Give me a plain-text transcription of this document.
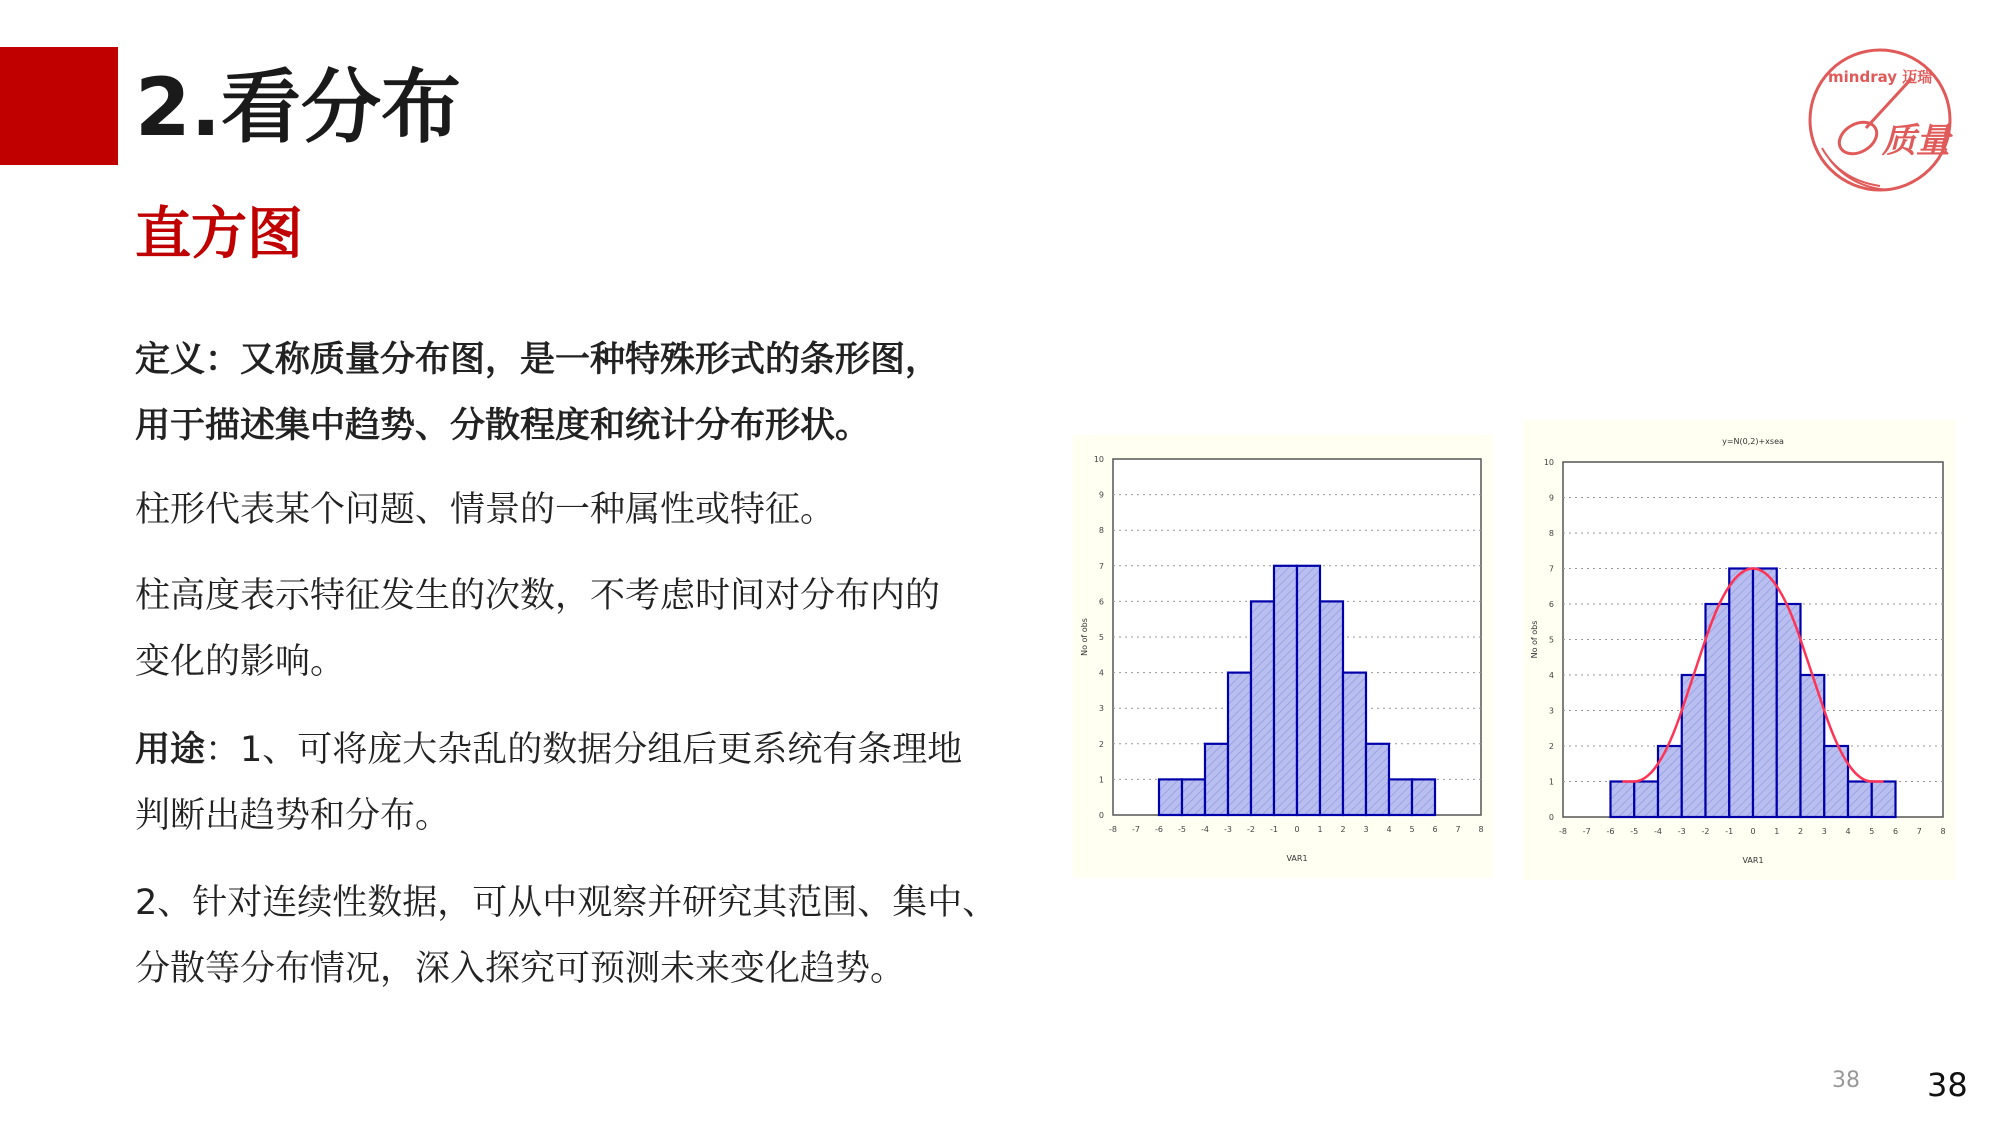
2.看分布
直方图

定义：又称质量分布图，是一种特殊形式的条形图，

用于描述集中趋势、分散程度和统计分布形状。

柱形代表某个问题、情景的一种属性或特征。

柱高度表示特征发生的次数，不考虑时间对分布内的

变化的影响。

用途：1、可将庞大杂乱的数据分组后更系统有条理地

判断出趋势和分布。

2、针对连续性数据，可从中观察并研究其范围、集中、

分散等分布情况，深入探究可预测未来变化趋势。

0
1
2
3
4
5
6
7
8
9
10
-8 -7 -6 -5 -4 -3 -2 -1 0 1 2 3 4 5 6 7 8
VAR1
No of obs
0
1
2
3
4
5
6
7
8
9
10
-8 -7 -6 -5 -4 -3 -2 -1 0 1 2 3 4 5 6 7 8
VAR1
No of obs
y=N(0,2)+xsea
mindray 迈瑞
质量
38 38
